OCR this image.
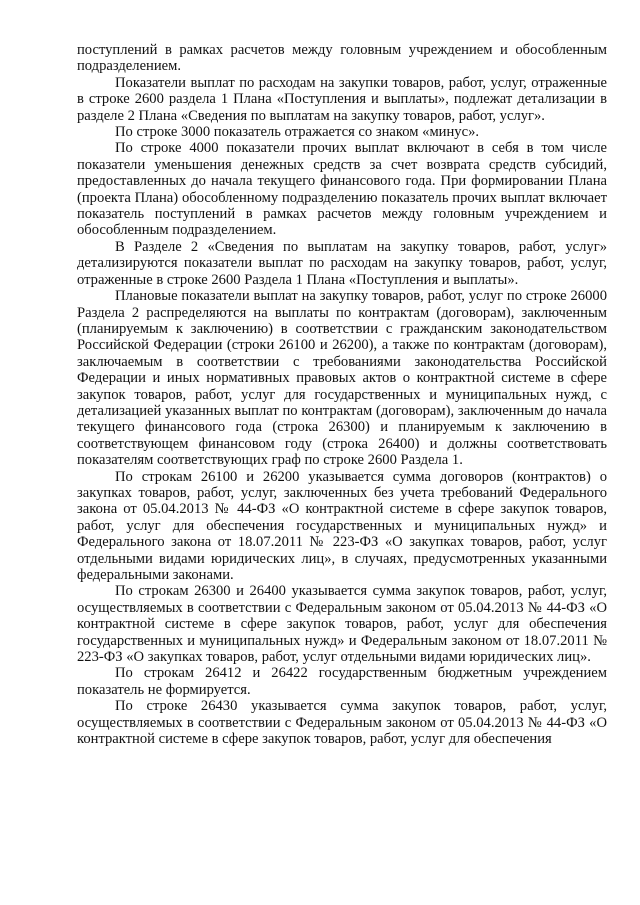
поступлений в рамках расчетов между головным учреждением и обособленным подразделением.

Показатели выплат по расходам на закупки товаров, работ, услуг, отраженные в строке 2600 раздела 1 Плана «Поступления и выплаты», подлежат детализации в разделе 2 Плана «Сведения по выплатам на закупку товаров, работ, услуг».

По строке 3000 показатель отражается со знаком «минус».

По строке 4000 показатели прочих выплат включают в себя в том числе показатели уменьшения денежных средств за счет возврата средств субсидий, предоставленных до начала текущего финансового года. При формировании Плана (проекта Плана) обособленному подразделению показатель прочих выплат включает показатель поступлений в рамках расчетов между головным учреждением и обособленным подразделением.

В Разделе 2 «Сведения по выплатам на закупку товаров, работ, услуг» детализируются показатели выплат по расходам на закупку товаров, работ, услуг, отраженные в строке 2600 Раздела 1 Плана «Поступления и выплаты».

Плановые показатели выплат на закупку товаров, работ, услуг по строке 26000 Раздела 2 распределяются на выплаты по контрактам (договорам), заключенным (планируемым к заключению) в соответствии с гражданским законодательством Российской Федерации (строки 26100 и 26200), а также по контрактам (договорам), заключаемым в соответствии с требованиями законодательства Российской Федерации и иных нормативных правовых актов о контрактной системе в сфере закупок товаров, работ, услуг для государственных и муниципальных нужд, с детализацией указанных выплат по контрактам (договорам), заключенным до начала текущего финансового года (строка 26300) и планируемым к заключению в соответствующем финансовом году (строка 26400) и должны соответствовать показателям соответствующих граф по строке 2600 Раздела 1.

По строкам 26100 и 26200 указывается сумма договоров (контрактов) о закупках товаров, работ, услуг, заключенных без учета требований Федерального закона от 05.04.2013 № 44-ФЗ «О контрактной системе в сфере закупок товаров, работ, услуг для обеспечения государственных и муниципальных нужд» и Федерального закона от 18.07.2011 № 223-ФЗ «О закупках товаров, работ, услуг отдельными видами юридических лиц», в случаях, предусмотренных указанными федеральными законами.

По строкам 26300 и 26400 указывается сумма закупок товаров, работ, услуг, осуществляемых в соответствии с Федеральным законом от 05.04.2013 № 44-ФЗ «О контрактной системе в сфере закупок товаров, работ, услуг для обеспечения государственных и муниципальных нужд» и Федеральным законом от 18.07.2011 № 223-ФЗ «О закупках товаров, работ, услуг отдельными видами юридических лиц».

По строкам 26412 и 26422 государственным бюджетным учреждением показатель не формируется.

По строке 26430 указывается сумма закупок товаров, работ, услуг, осуществляемых в соответствии с Федеральным законом от 05.04.2013 № 44-ФЗ «О контрактной системе в сфере закупок товаров, работ, услуг для обеспечения
